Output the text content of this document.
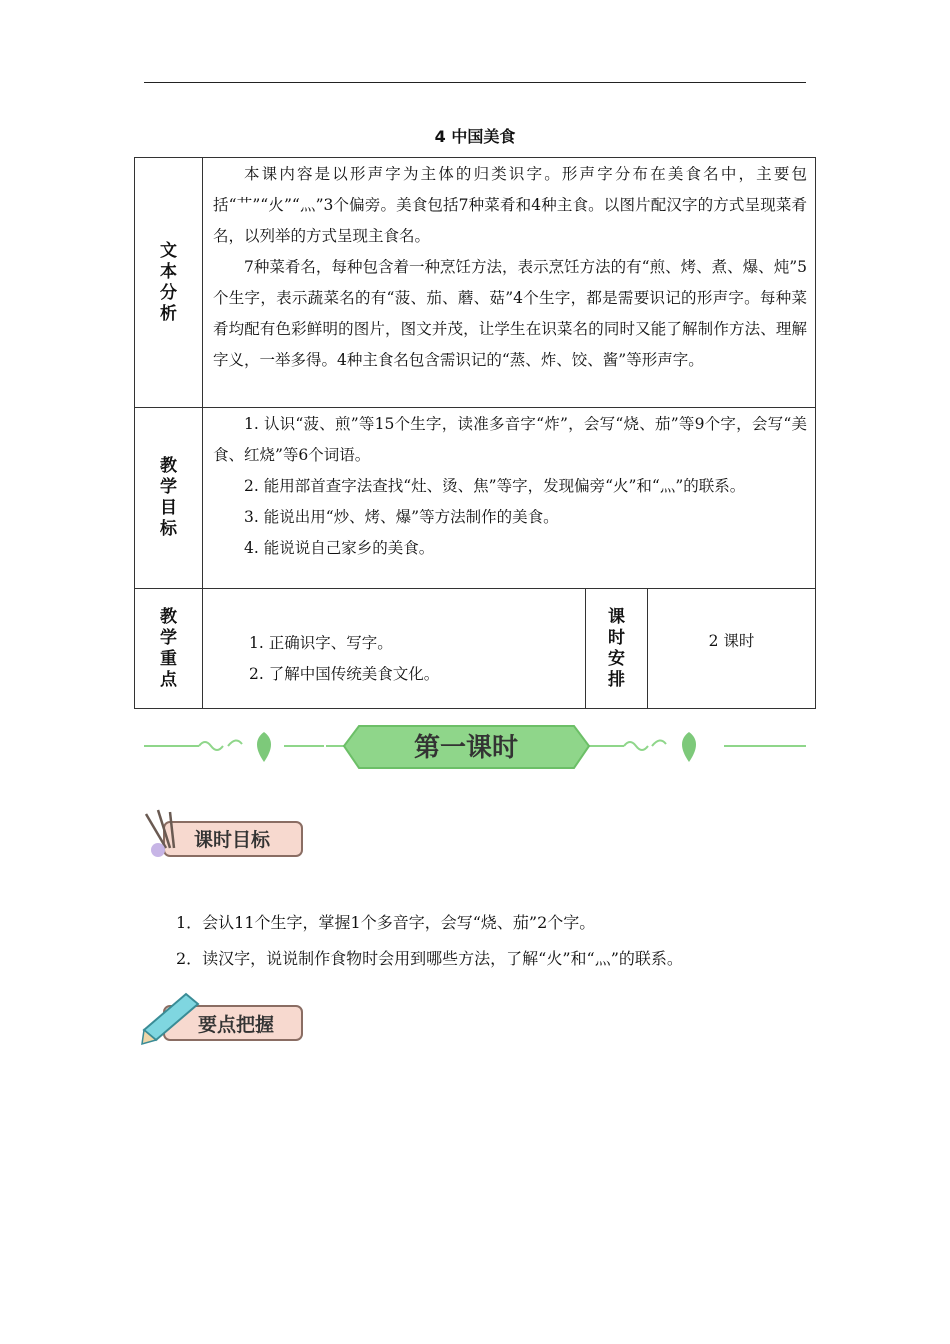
4 中国美食
文本分析	本课内容是以形声字为主体的归类识字。形声字分布在美食名中，主要包括“艹”“火”“灬”3个偏旁。美食包括7种菜肴和4种主食。以图片配汉字的方式呈现菜肴名，以列举的方式呈现主食名。

7种菜肴名，每种包含着一种烹饪方法，表示烹饪方法的有“煎、烤、煮、爆、炖”5个生字，表示蔬菜名的有“菠、茄、蘑、菇”4个生字，都是需要识记的形声字。每种菜肴均配有色彩鲜明的图片，图文并茂，让学生在识菜名的同时又能了解制作方法、理解字义，一举多得。4种主食名包含需识记的“蒸、炸、饺、酱”等形声字。		

教学目标	1. 认识“菠、煎”等15个生字，读准多音字“炸”，会写“烧、茄”等9个字，会写“美食、红烧”等6个词语。

2. 能用部首查字法查找“灶、烫、焦”等字，发现偏旁“火”和“灬”的联系。

3. 能说出用“炒、烤、爆”等方法制作的美食。

4. 能说说自己家乡的美食。		

教学重点	1. 正确识字、写字。
2. 了解中国传统美食文化。	课时安排	2 课时
第一课时
课时目标
1．会认11个生字，掌握1个多音字，会写“烧、茄”2个字。
2．读汉字，说说制作食物时会用到哪些方法，了解“火”和“灬”的联系。
要点把握
